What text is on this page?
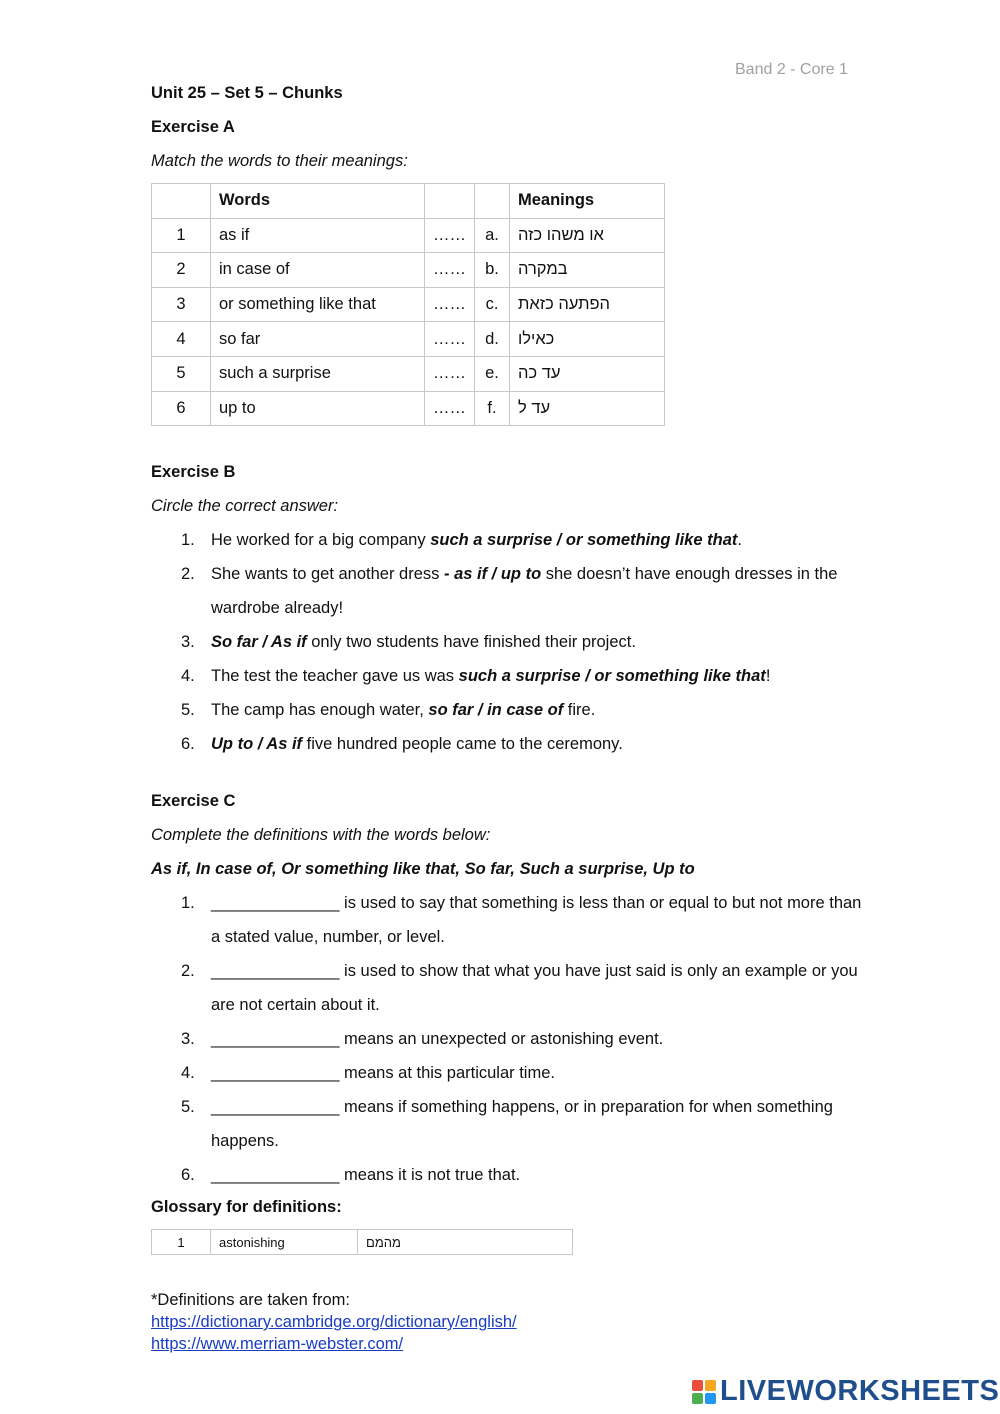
Band 2 - Core 1
Unit 25 – Set 5 – Chunks
Exercise A
Match the words to their meanings:
	Words			Meanings
1	as if	……	a.	או משהו כזה
2	in case of	……	b.	במקרה
3	or something like that	……	c.	הפתעה כזאת
4	so far	……	d.	כאילו
5	such a surprise	……	e.	עד כה
6	up to	……	f.	עד ל
Exercise B
Circle the correct answer:
1. He worked for a big company such a surprise / or something like that.
2. She wants to get another dress - as if / up to she doesn’t have enough dresses in the wardrobe already!
3. So far / As if only two students have finished their project.
4. The test the teacher gave us was such a surprise / or something like that!
5. The camp has enough water, so far / in case of fire.
6. Up to / As if five hundred people came to the ceremony.
Exercise C
Complete the definitions with the words below:
As if, In case of, Or something like that, So far, Such a surprise, Up to
1. ______________ is used to say that something is less than or equal to but not more than a stated value, number, or level.
2. ______________ is used to show that what you have just said is only an example or you are not certain about it.
3. ______________ means an unexpected or astonishing event.
4. ______________ means at this particular time.
5. ______________ means if something happens, or in preparation for when something happens.
6. ______________ means it is not true that.
Glossary for definitions:
1	astonishing	מהמם
*Definitions are taken from:
https://dictionary.cambridge.org/dictionary/english/
https://www.merriam-webster.com/
LIVEWORKSHEETS
